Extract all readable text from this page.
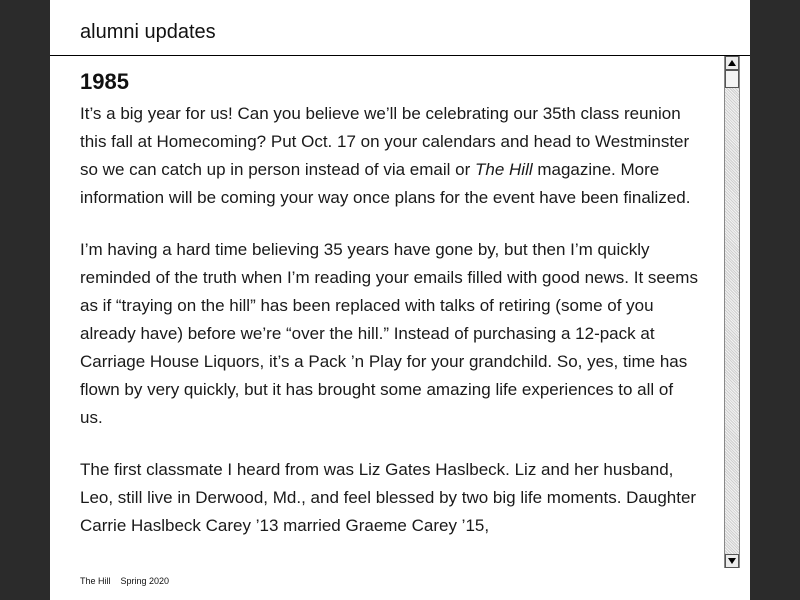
alumni updates
1985

It’s a big year for us! Can you believe we’ll be celebrating our 35th class reunion this fall at Homecoming? Put Oct. 17 on your calendars and head to Westminster so we can catch up in person instead of via email or The Hill magazine. More information will be coming your way once plans for the event have been finalized.

I’m having a hard time believing 35 years have gone by, but then I’m quickly reminded of the truth when I’m reading your emails filled with good news. It seems as if “traying on the hill” has been replaced with talks of retiring (some of you already have) before we’re “over the hill.” Instead of purchasing a 12-pack at Carriage House Liquors, it’s a Pack ’n Play for your grandchild. So, yes, time has flown by very quickly, but it has brought some amazing life experiences to all of us.

The first classmate I heard from was Liz Gates Haslbeck. Liz and her husband, Leo, still live in Derwood, Md., and feel blessed by two big life moments. Daughter Carrie Haslbeck Carey ’13 married Graeme Carey ’15,

The Hill Spring 2020
